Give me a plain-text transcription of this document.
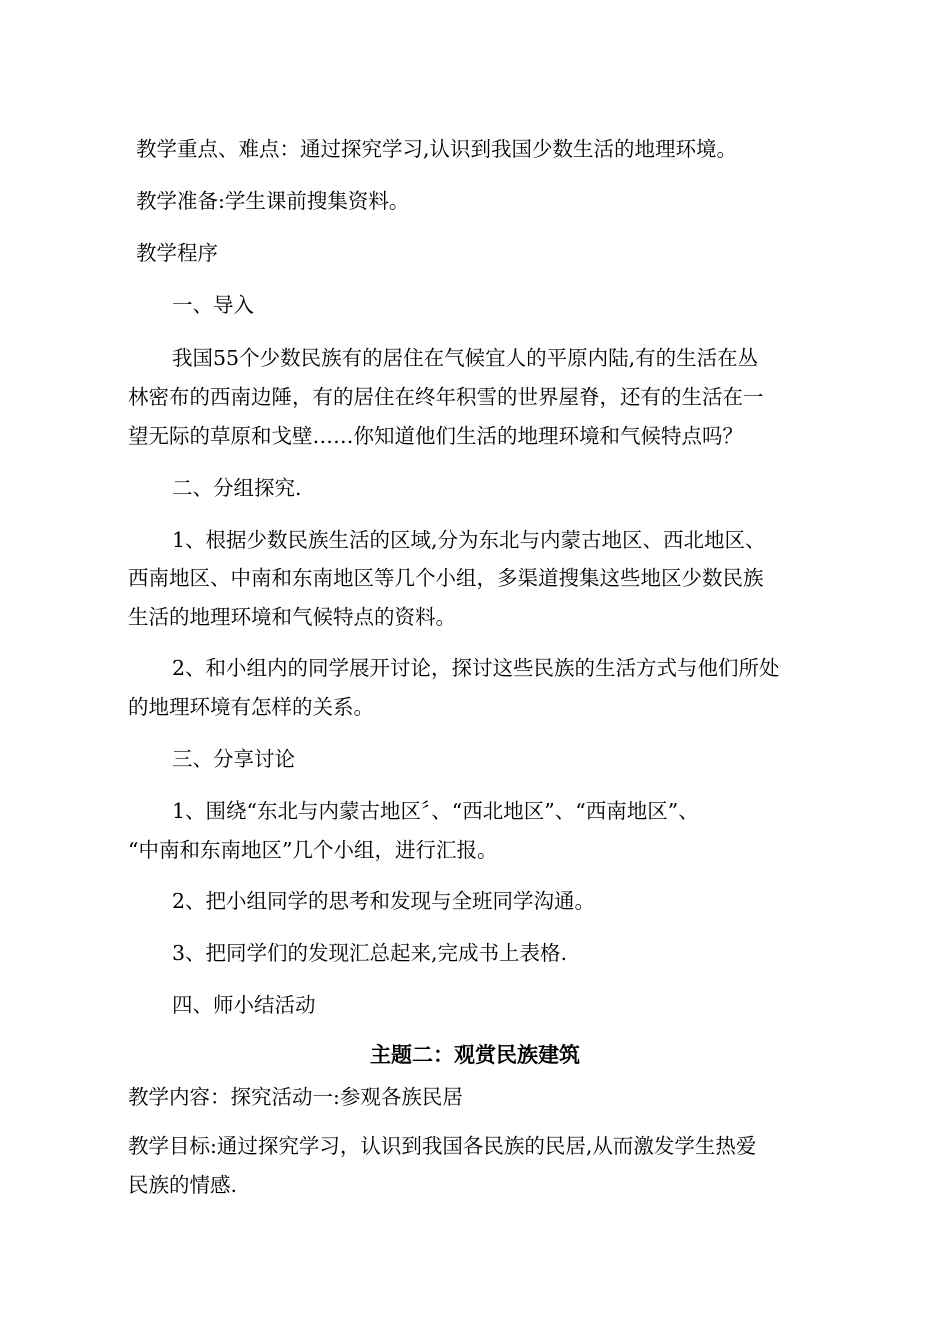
教学重点、难点：通过探究学习,认识到我国少数生活的地理环境。
教学准备:学生课前搜集资料。
教学程序
一、导入
我国55个少数民族有的居住在气候宜人的平原内陆,有的生活在丛
林密布的西南边陲，有的居住在终年积雪的世界屋脊，还有的生活在一
望无际的草原和戈壁……你知道他们生活的地理环境和气候特点吗？
二、分组探究.
1、根据少数民族生活的区域,分为东北与内蒙古地区、西北地区、
西南地区、中南和东南地区等几个小组，多渠道搜集这些地区少数民族
生活的地理环境和气候特点的资料。
2、和小组内的同学展开讨论，探讨这些民族的生活方式与他们所处
的地理环境有怎样的关系。
三、分享讨论
1、围绕“东北与内蒙古地区〞、“西北地区”、“西南地区”、
“中南和东南地区”几个小组，进行汇报。
2、把小组同学的思考和发现与全班同学沟通。
3、把同学们的发现汇总起来,完成书上表格.
四、师小结活动
主题二：观赏民族建筑
教学内容：探究活动一:参观各族民居
教学目标:通过探究学习，认识到我国各民族的民居,从而激发学生热爱
民族的情感.
